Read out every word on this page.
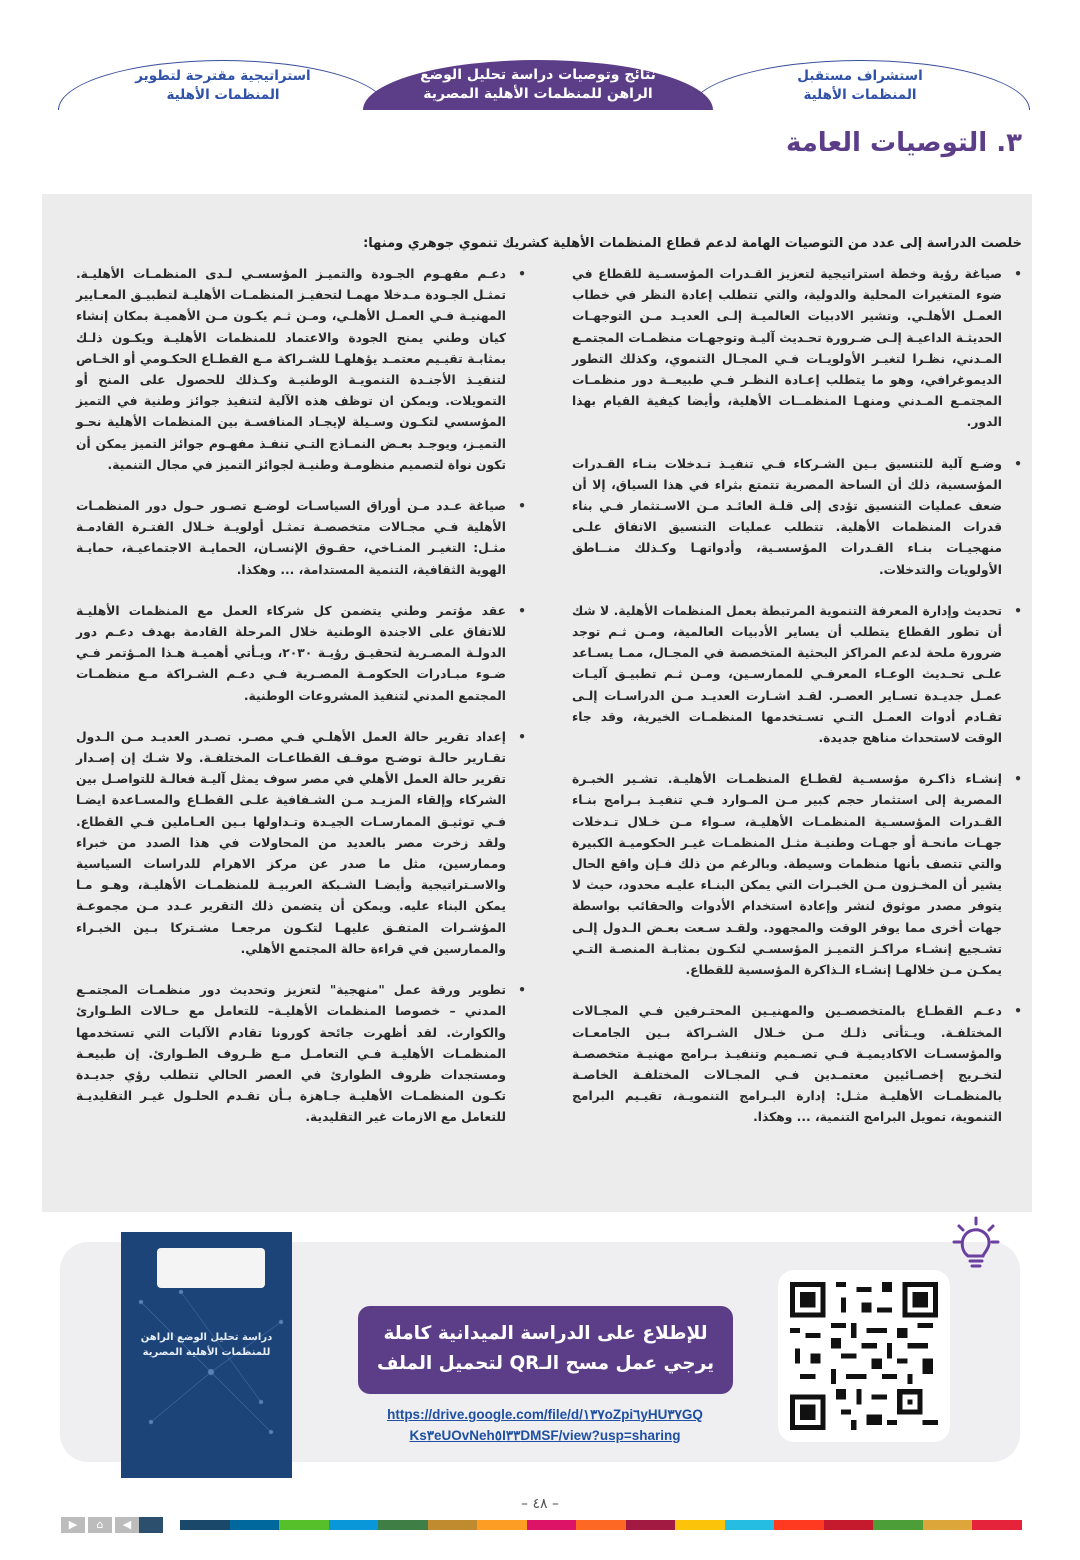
استشراف مستقبل المنظمات الأهلية
نتائج وتوصيات دراسة تحليل الوضع الراهن للمنظمات الأهلية المصرية
استراتيجية مقترحة لتطوير المنظمات الأهلية
٣. التوصيات العامة
خلصت الدراسة إلى عدد من التوصيات الهامة لدعم قطاع المنظمات الأهلية كشريك تنموي جوهري ومنها:

• صياغة رؤية وخطة استراتيجية لتعزيز القـدرات المؤسسـية للقطاع في ضوء المتغيرات المحلية والدولية، والتي تتطلب إعادة النظر في خطاب العمـل الأهلـي. وتشير الادبيات العالميـة إلـى العديـد مـن التوجهـات الحديثـة الداعيـة إلـى ضـرورة تحـديث آليـة وتوجهـات منظمـات المجتمـع المـدني، نظـرا لتغيـر الأولويـات فـي المجـال التنموي، وكذلك التطور الديموغرافي، وهو ما يتطلب إعـادة النظـر فـي طبيعــة دور منظمـات المجتمـع المـدني ومنهـا المنظمــات الأهلية، وأيضا كيفية القيام بهذا الدور.

• وضـع آلية للتنسيق بـين الشـركاء فـي تنفيـذ تـدخلات بنـاء القـدرات المؤسسية، ذلك أن الساحة المصرية تتمتع بثراء في هذا السياق، إلا أن ضعف عمليات التنسيق تؤدى إلى قلـة العائـد مـن الاسـتثمار فـي بناء قدرات المنظمات الأهلية. تتطلب عمليات التنسيق الاتفاق علـى منهجيـات بنـاء القـدرات المؤسسـية، وأدواتهـا وكـذلك منــاطق الأولويات والتدخلات.

• تحديث وإدارة المعرفة التنموية المرتبطة بعمل المنظمات الأهلية. لا شك أن تطور القطاع يتطلب أن يساير الأدبيات العالمية، ومـن ثـم توجد ضرورة ملحة لدعم المراكز البحثية المتخصصة في المجـال، ممـا يسـاعد علـى تحـديث الوعـاء المعرفـي للممارسـين، ومـن ثـم تطبيـق آليـات عمـل جديـدة تسـاير العصـر. لقـد اشـارت العديـد مـن الدراسـات إلـى تقـادم أدوات العمـل التـي تسـتخدمها المنظمـات الخيرية، وقد جاء الوقت لاستحداث مناهج جديدة.

• إنشـاء ذاكـرة مؤسسـية لقطـاع المنظمـات الأهليـة. تشـير الخبـرة المصرية إلى استثمار حجم كبير مـن المـوارد فـي تنفيـذ بـرامج بنـاء القـدرات المؤسسـية المنظمـات الأهليـة، سـواء مـن خـلال تـدخلات جهـات مانحـة أو جهـات وطنيـة مثـل المنظمـات غيـر الحكوميـة الكبيرة والتي تتصف بأنها منظمات وسيطة. وبالرغم من ذلك فـإن واقع الحال يشير أن المخـزون مـن الخبـرات التي يمكن البنـاء عليـه محدود، حيث لا يتوفر مصدر موثوق لنشر وإعادة استخدام الأدوات والحقائب بواسطة جهات أخرى مما يوفر الوقت والمجهود. ولقـد سـعت بعـض الـدول إلـى تشـجيع إنشـاء مراكـز التميـز المؤسسـي لتكـون بمثابـة المنصـة التـي يمكـن مـن خلالهـا إنشـاء الـذاكرة المؤسسية للقطاع.

• دعـم القطـاع بالمتخصصـين والمهنيـين المحتـرفين فـي المجـالات المختلفـة. ويـتأتى ذلـك مـن خـلال الشـراكة بـين الجامعـات والمؤسسـات الاكاديميـة فـي تصـميم وتنفيـذ بـرامج مهنيـة متخصصـة لتخـريج إخصـائيين معتمـدين فـي المجـالات المختلفـة الخاصـة بالمنظمـات الأهليـة مثـل: إدارة البـرامج التنمويـة، تقيـيم البرامج التنموية، تمويل البرامج التنمية، ... وهكذا.

• دعـم مفهـوم الجـودة والتميـز المؤسسـي لـدى المنظمـات الأهليـة. تمثـل الجـودة مـدخلا مهمـا لتحفيـز المنظمـات الأهليـة لتطبيـق المعـايير المهنيـة فـي العمـل الأهلـي، ومـن ثـم يكـون مـن الأهميـة بمكان إنشاء كيان وطني يمنح الجودة والاعتماد للمنظمات الأهليـة ويكـون ذلـك بمثابـة تقيـيم معتمـد يؤهلهـا للشـراكة مـع القطـاع الحكـومي أو الخـاص لتنفيـذ الأجنـدة التنمويـة الوطنيـة وكـذلك للحصول على المنح أو التمويلات. ويمكن ان توظف هذه الآلية لتنفيذ جوائز وطنية في التميز المؤسسي لتكـون وسـيلة لإيجـاد المنافسـة بين المنظمات الأهلية نحـو التميـز، ويوجـد بعـض النمـاذج التـي تنفـذ مفهـوم جوائز التميز يمكن أن تكون نواة لتصميم منظومـة وطنيـة لجوائز التميز في مجال التنمية.

• صياغة عـدد مـن أوراق السياسـات لوضـع تصـور حـول دور المنظمـات الأهلية فـي مجـالات متخصصـة تمثـل أولويـة خـلال الفتـرة القادمـة مثـل: التغيـر المنـاخي، حقـوق الإنسـان، الحمايـة الاجتماعيـة، حمايـة الهوية الثقافية، التنمية المستدامة، ... وهكذا.

• عقد مؤتمر وطني يتضمن كل شركاء العمل مع المنظمات الأهليـة للاتفاق على الاجندة الوطنية خلال المرحلة القادمة بهدف دعـم دور الدولـة المصـرية لتحقيـق رؤيـة ٢٠٣٠، ويـأتي أهميـة هـذا المـؤتمر فـي ضـوء مبـادرات الحكومـة المصـرية فـي دعـم الشـراكة مـع منظمـات المجتمع المدني لتنفيذ المشروعات الوطنية.

• إعداد تقرير حالة العمل الأهلـي فـي مصـر. تصـدر العديـد مـن الـدول تقـارير حالـة توضـح موقـف القطاعـات المختلفـة. ولا شـك إن إصـدار تقرير حالة العمل الأهلي في مصر سوف يمثل آليـة فعالـة للتواصـل بين الشركاء وإلقاء المزيـد مـن الشـفافية علـى القطـاع والمسـاعدة ايضـا فـي توثيـق الممارسـات الجيـدة وتـداولها بـين العـاملين فـي القطاع. ولقد زخرت مصر بالعديد من المحاولات في هذا الصدد من خبراء وممارسين، مثل ما صدر عن مركز الاهرام للدراسات السياسية والاسـتراتيجية وأيضـا الشـبكة العربيـة للمنظمـات الأهليـة، وهـو مـا يمكن البناء عليه. ويمكن أن يتضمن ذلك التقرير عـدد مـن مجموعـة المؤشـرات المتفـق عليهـا لتكـون مرجعـا مشـتركا بـين الخبـراء والممارسين في قراءة حالة المجتمع الأهلي.

• تطوير ورقة عمل "منهجية" لتعزيز وتحديث دور منظمـات المجتمـع المدني – خصوصا المنظمات الأهليـة– للتعامل مع حـالات الطـوارئ والكوارث. لقد أظهرت جائحة كورونا تقادم الآليات التي تستخدمها المنظمـات الأهليـة فـي التعامـل مـع ظـروف الطـوارئ. إن طبيعـة ومستجدات ظروف الطوارئ في العصر الحالي تتطلب رؤي جديـدة تكـون المنظمـات الأهليـة جـاهزة بـأن تقـدم الحلـول غيـر التقليديـة للتعامل مع الازمات غير التقليدية.

للإطلاع على الدراسة الميدانية كاملة
يرجي عمل مسح الـQR لتحميل الملف
https://drive.google.com/file/d/١٣٧oZpi٦yHU٣٧GQ
Ks٣eUOvNeh٥I٣٣DMSF/view?usp=sharing
دراسة تحليل الوضع الراهن للمنظمات الأهلية المصرية
– ٤٨ –
◀
⌂
▶
